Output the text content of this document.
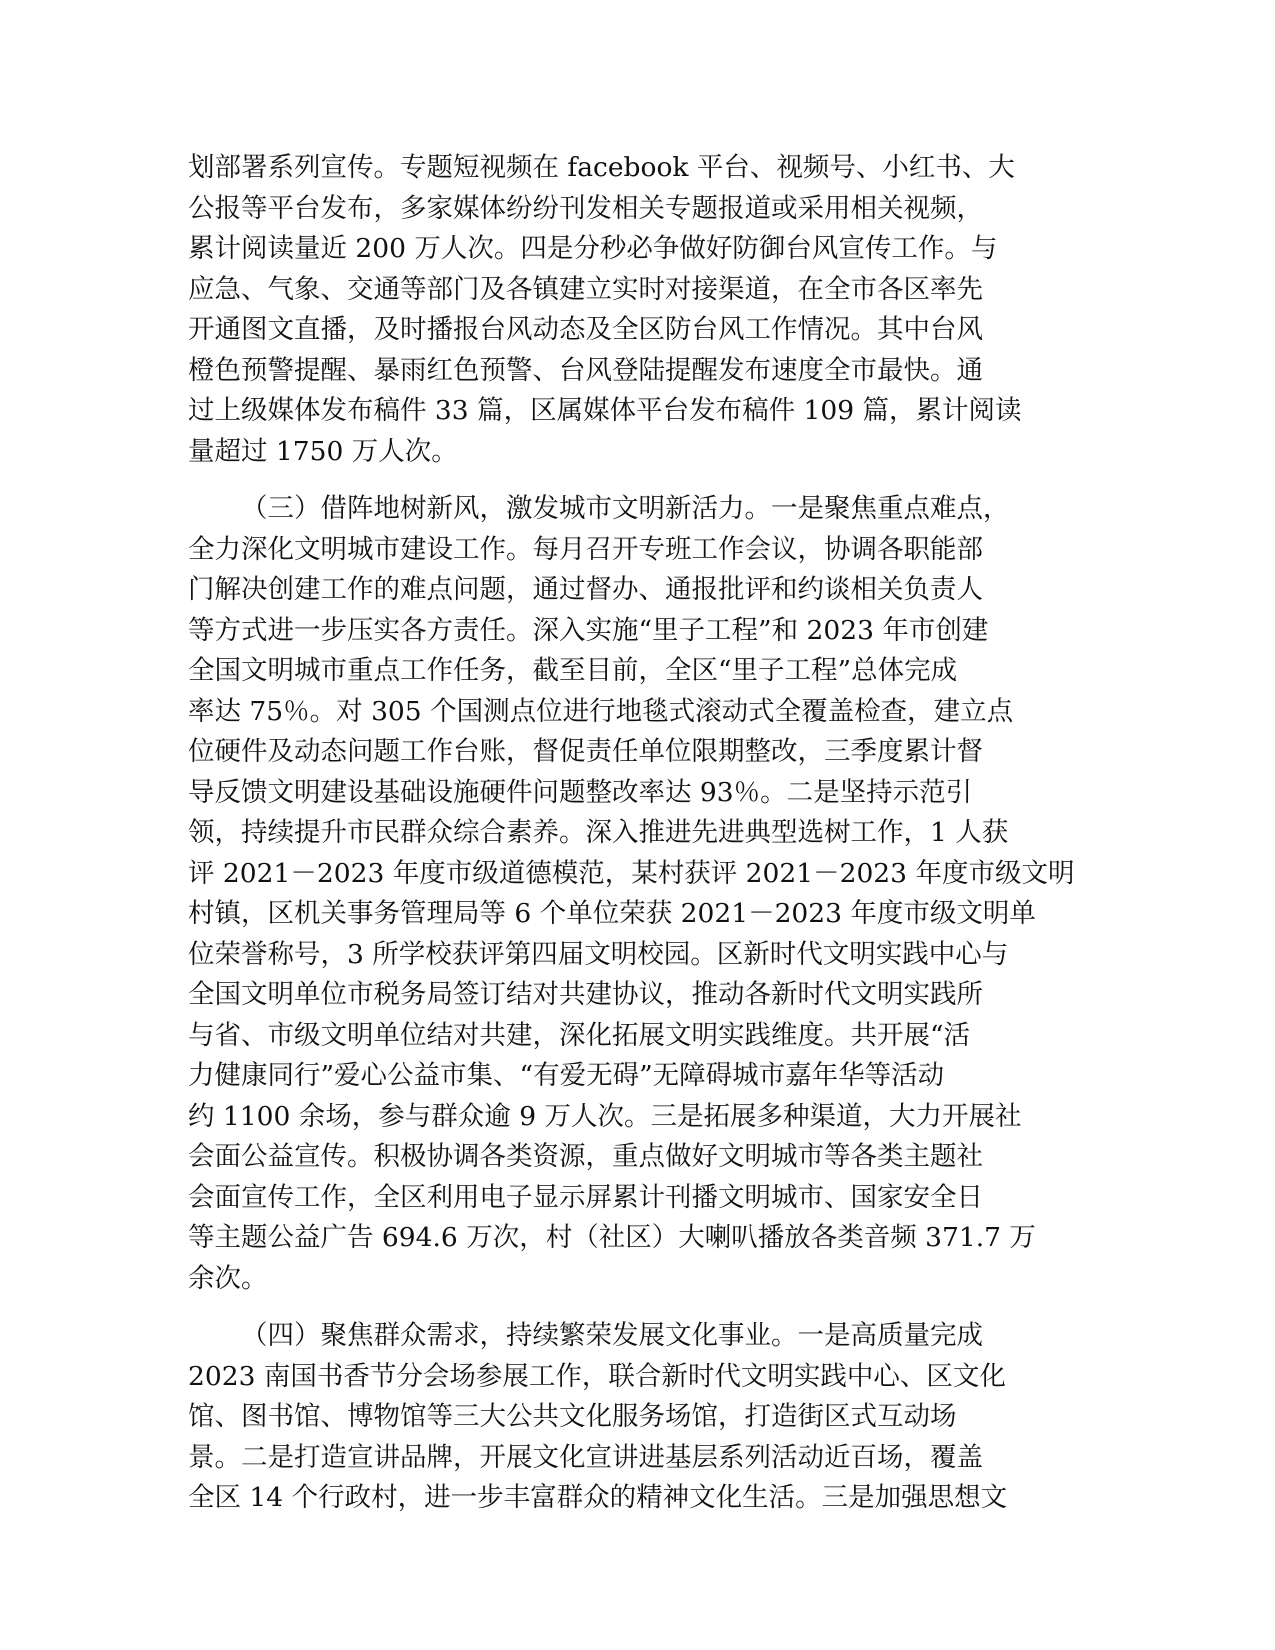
划部署系列宣传。专题短视频在 facebook 平台、视频号、小红书、大
公报等平台发布，多家媒体纷纷刊发相关专题报道或采用相关视频，
累计阅读量近 200 万人次。四是分秒必争做好防御台风宣传工作。与
应急、气象、交通等部门及各镇建立实时对接渠道，在全市各区率先
开通图文直播，及时播报台风动态及全区防台风工作情况。其中台风
橙色预警提醒、暴雨红色预警、台风登陆提醒发布速度全市最快。通
过上级媒体发布稿件 33 篇，区属媒体平台发布稿件 109 篇，累计阅读
量超过 1750 万人次。
（三）借阵地树新风，激发城市文明新活力。一是聚焦重点难点，
全力深化文明城市建设工作。每月召开专班工作会议，协调各职能部
门解决创建工作的难点问题，通过督办、通报批评和约谈相关负责人
等方式进一步压实各方责任。深入实施“里子工程”和 2023 年市创建
全国文明城市重点工作任务，截至目前，全区“里子工程”总体完成
率达 75％。对 305 个国测点位进行地毯式滚动式全覆盖检查，建立点
位硬件及动态问题工作台账，督促责任单位限期整改，三季度累计督
导反馈文明建设基础设施硬件问题整改率达 93％。二是坚持示范引
领，持续提升市民群众综合素养。深入推进先进典型选树工作，1 人获
评 2021－2023 年度市级道德模范，某村获评 2021－2023 年度市级文明
村镇，区机关事务管理局等 6 个单位荣获 2021－2023 年度市级文明单
位荣誉称号，3 所学校获评第四届文明校园。区新时代文明实践中心与
全国文明单位市税务局签订结对共建协议，推动各新时代文明实践所
与省、市级文明单位结对共建，深化拓展文明实践维度。共开展“活
力健康同行”爱心公益市集、“有爱无碍”无障碍城市嘉年华等活动
约 1100 余场，参与群众逾 9 万人次。三是拓展多种渠道，大力开展社
会面公益宣传。积极协调各类资源，重点做好文明城市等各类主题社
会面宣传工作，全区利用电子显示屏累计刊播文明城市、国家安全日
等主题公益广告 694.6 万次，村（社区）大喇叭播放各类音频 371.7 万
余次。
（四）聚焦群众需求，持续繁荣发展文化事业。一是高质量完成
2023 南国书香节分会场参展工作，联合新时代文明实践中心、区文化
馆、图书馆、博物馆等三大公共文化服务场馆，打造街区式互动场
景。二是打造宣讲品牌，开展文化宣讲进基层系列活动近百场，覆盖
全区 14 个行政村，进一步丰富群众的精神文化生活。三是加强思想文
